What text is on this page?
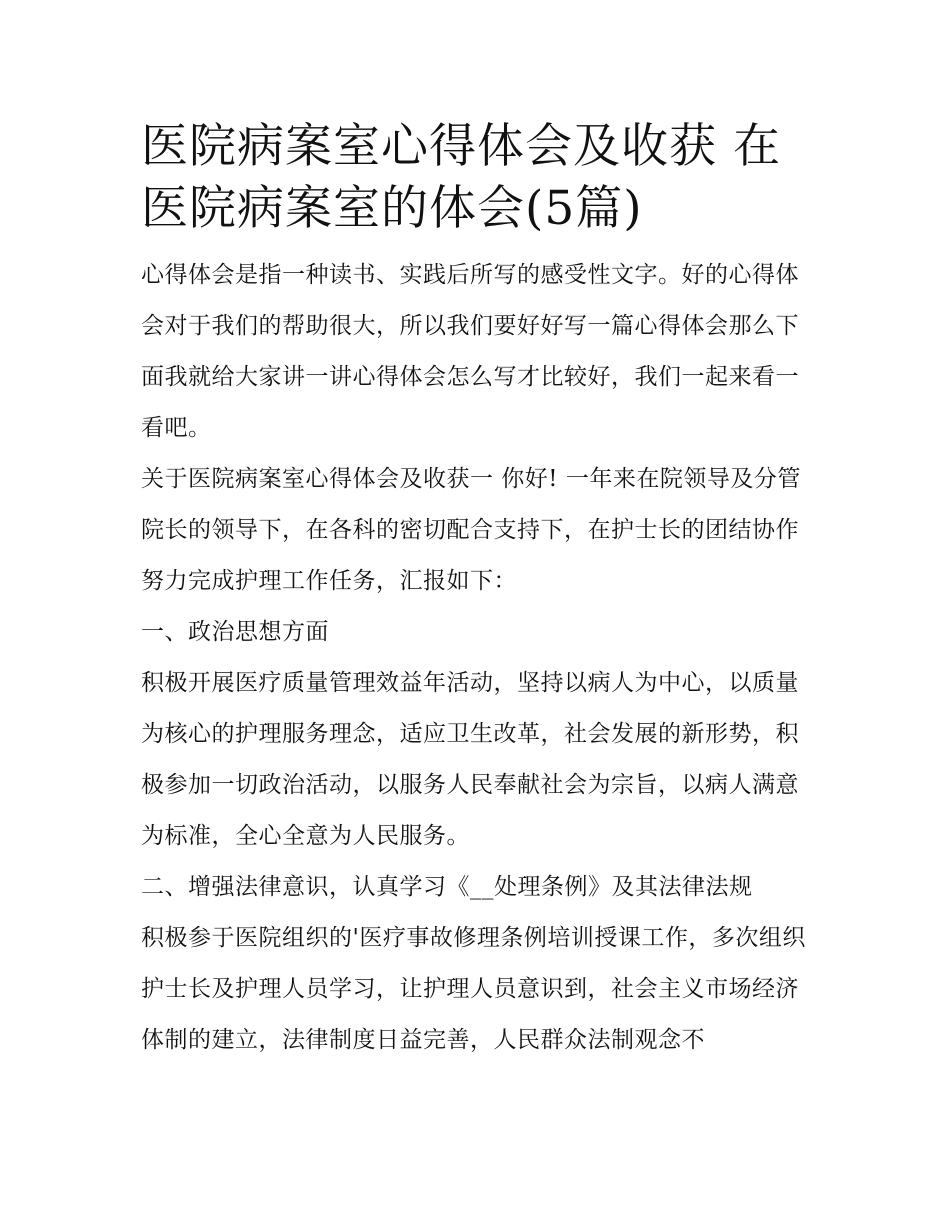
医院病案室心得体会及收获 在医院病案室的体会(5篇)

心得体会是指一种读书、实践后所写的感受性文字。好的心得体会对于我们的帮助很大，所以我们要好好写一篇心得体会那么下面我就给大家讲一讲心得体会怎么写才比较好，我们一起来看一看吧。

关于医院病案室心得体会及收获一 你好! 一年来在院领导及分管院长的领导下，在各科的密切配合支持下，在护士长的团结协作努力完成护理工作任务，汇报如下：

一、政治思想方面

积极开展医疗质量管理效益年活动，坚持以病人为中心，以质量为核心的护理服务理念，适应卫生改革，社会发展的新形势，积极参加一切政治活动，以服务人民奉献社会为宗旨，以病人满意为标准，全心全意为人民服务。

二、增强法律意识，认真学习《__处理条例》及其法律法规

积极参于医院组织的'医疗事故修理条例培训授课工作，多次组织护士长及护理人员学习，让护理人员意识到，社会主义市场经济体制的建立，法律制度日益完善，人民群众法制观念不
